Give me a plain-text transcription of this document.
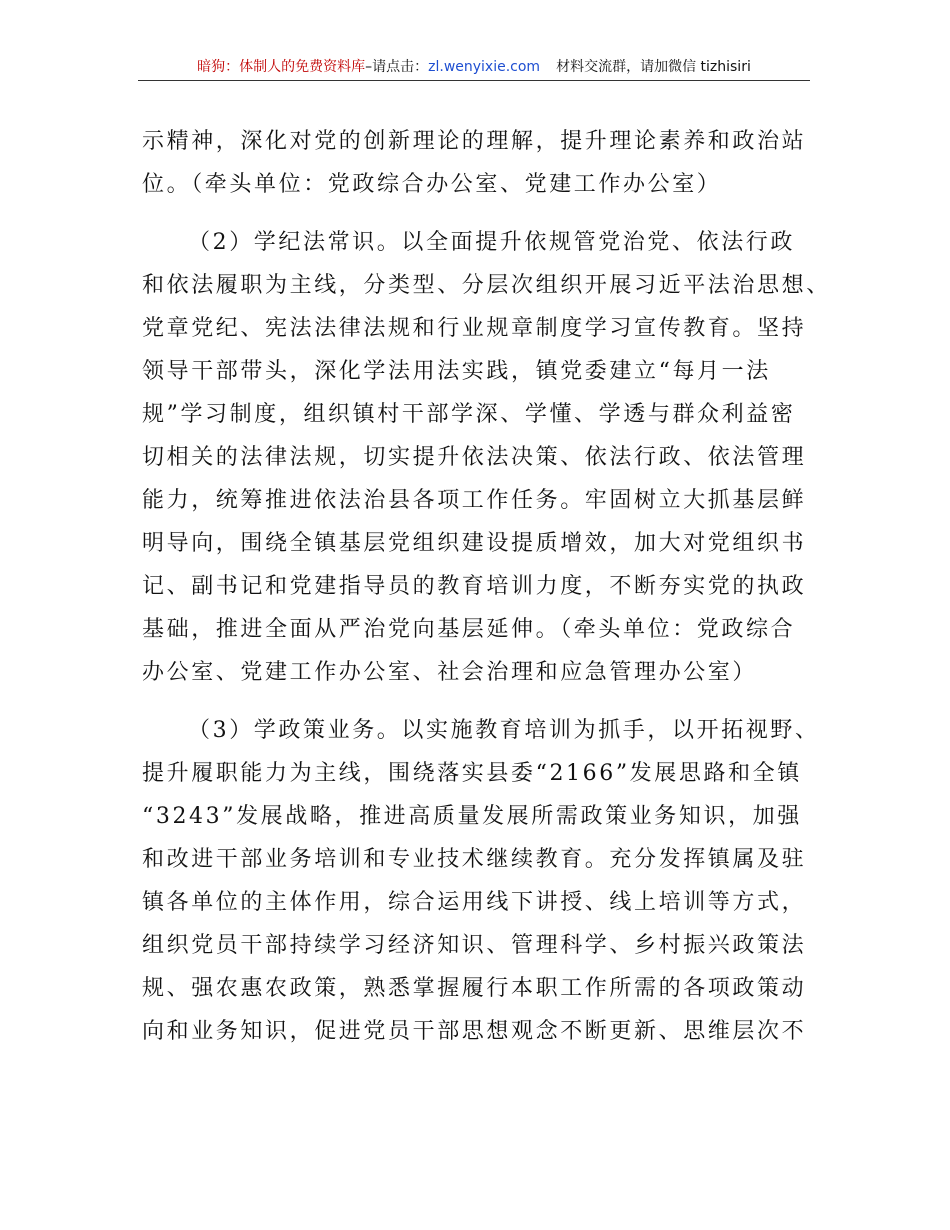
暗狗：体制人的免费资料库–请点击：zl.wenyixie.com 材料交流群，请加微信 tizhisiri

示精神，深化对党的创新理论的理解，提升理论素养和政治站
位。（牵头单位：党政综合办公室、党建工作办公室）

（2）学纪法常识。以全面提升依规管党治党、依法行政
和依法履职为主线，分类型、分层次组织开展习近平法治思想、
党章党纪、宪法法律法规和行业规章制度学习宣传教育。坚持
领导干部带头，深化学法用法实践，镇党委建立“每月一法
规”学习制度，组织镇村干部学深、学懂、学透与群众利益密
切相关的法律法规，切实提升依法决策、依法行政、依法管理
能力，统筹推进依法治县各项工作任务。牢固树立大抓基层鲜
明导向，围绕全镇基层党组织建设提质增效，加大对党组织书
记、副书记和党建指导员的教育培训力度，不断夯实党的执政
基础，推进全面从严治党向基层延伸。（牵头单位：党政综合
办公室、党建工作办公室、社会治理和应急管理办公室）

（3）学政策业务。以实施教育培训为抓手，以开拓视野、
提升履职能力为主线，围绕落实县委“2166”发展思路和全镇
“3243”发展战略，推进高质量发展所需政策业务知识，加强
和改进干部业务培训和专业技术继续教育。充分发挥镇属及驻
镇各单位的主体作用，综合运用线下讲授、线上培训等方式，
组织党员干部持续学习经济知识、管理科学、乡村振兴政策法
规、强农惠农政策，熟悉掌握履行本职工作所需的各项政策动
向和业务知识，促进党员干部思想观念不断更新、思维层次不
